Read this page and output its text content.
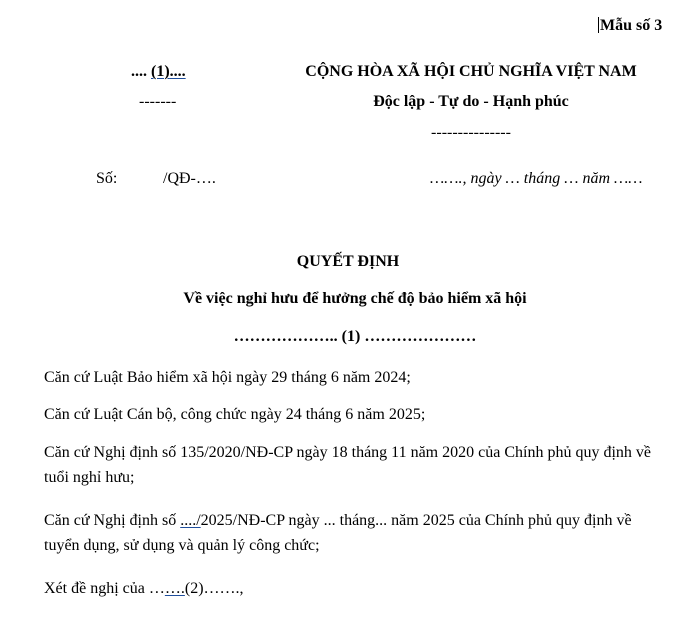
Mẫu số 3
.... (1)....
-------
CỘNG HÒA XÃ HỘI CHỦ NGHĨA VIỆT NAM
Độc lập - Tự do - Hạnh phúc
---------------
Số:	/QĐ-….	……., ngày … tháng … năm ……
QUYẾT ĐỊNH
Về việc nghỉ hưu để hưởng chế độ bảo hiểm xã hội
……………….. (1) …………………
Căn cứ Luật Bảo hiểm xã hội ngày 29 tháng 6 năm 2024;
Căn cứ Luật Cán bộ, công chức ngày 24 tháng 6 năm 2025;
Căn cứ Nghị định số 135/2020/NĐ-CP ngày 18 tháng 11 năm 2020 của Chính phủ quy định về tuổi nghỉ hưu;
Căn cứ Nghị định số ..../2025/NĐ-CP ngày ... tháng... năm 2025 của Chính phủ quy định về tuyển dụng, sử dụng và quản lý công chức;
Xét đề nghị của …….(2)…….,
